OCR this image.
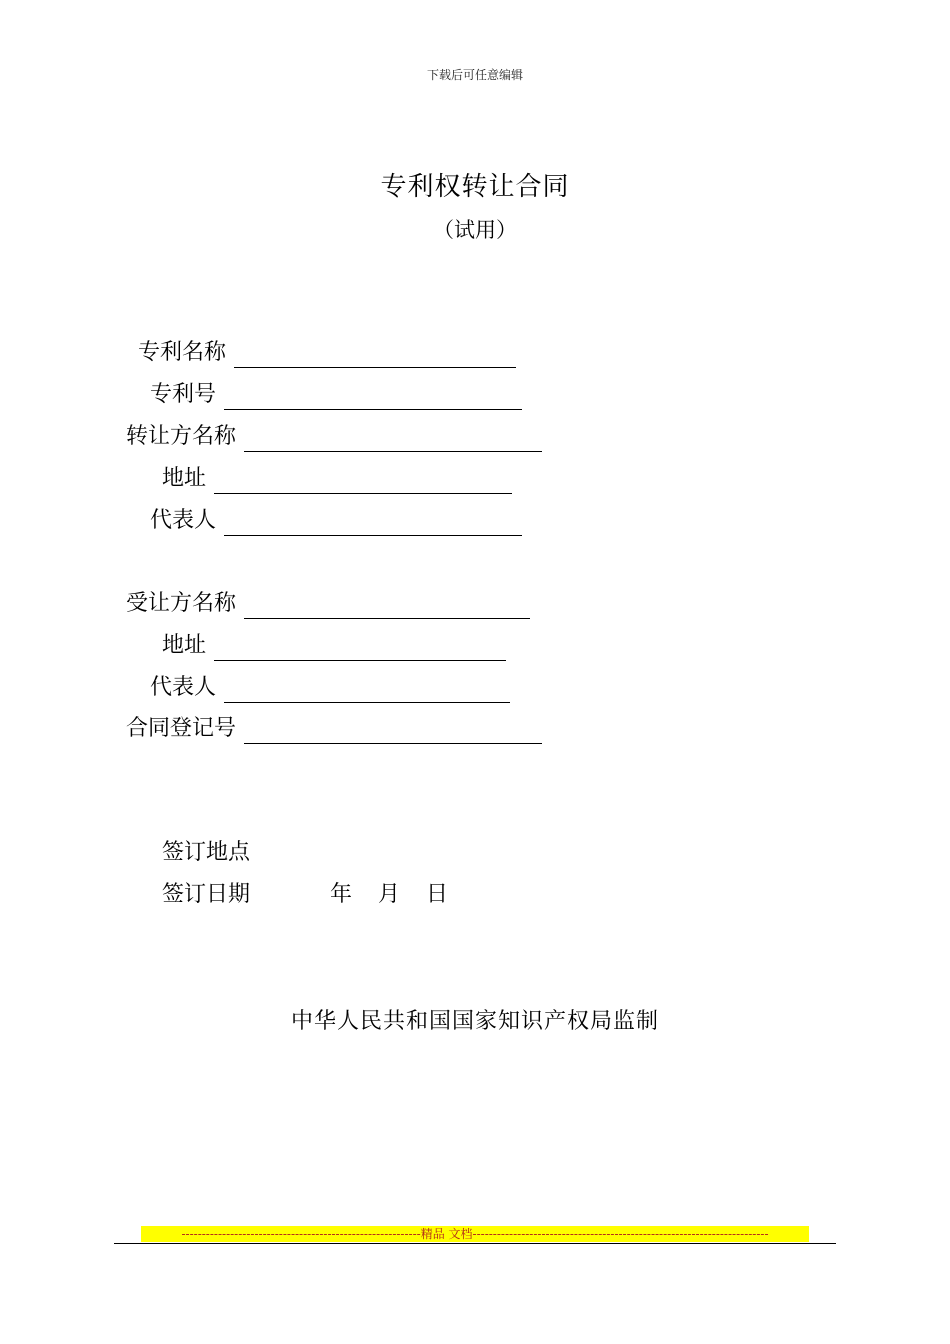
下载后可任意编辑
专利权转让合同
（试用）
专利名称
专利号
转让方名称
地址
代表人
受让方名称
地址
代表人
合同登记号
签订地点
签订日期	年 月 日
中华人民共和国国家知识产权局监制
-----------------------------------------------------------精品 文档-------------------------------------------------------------------------
